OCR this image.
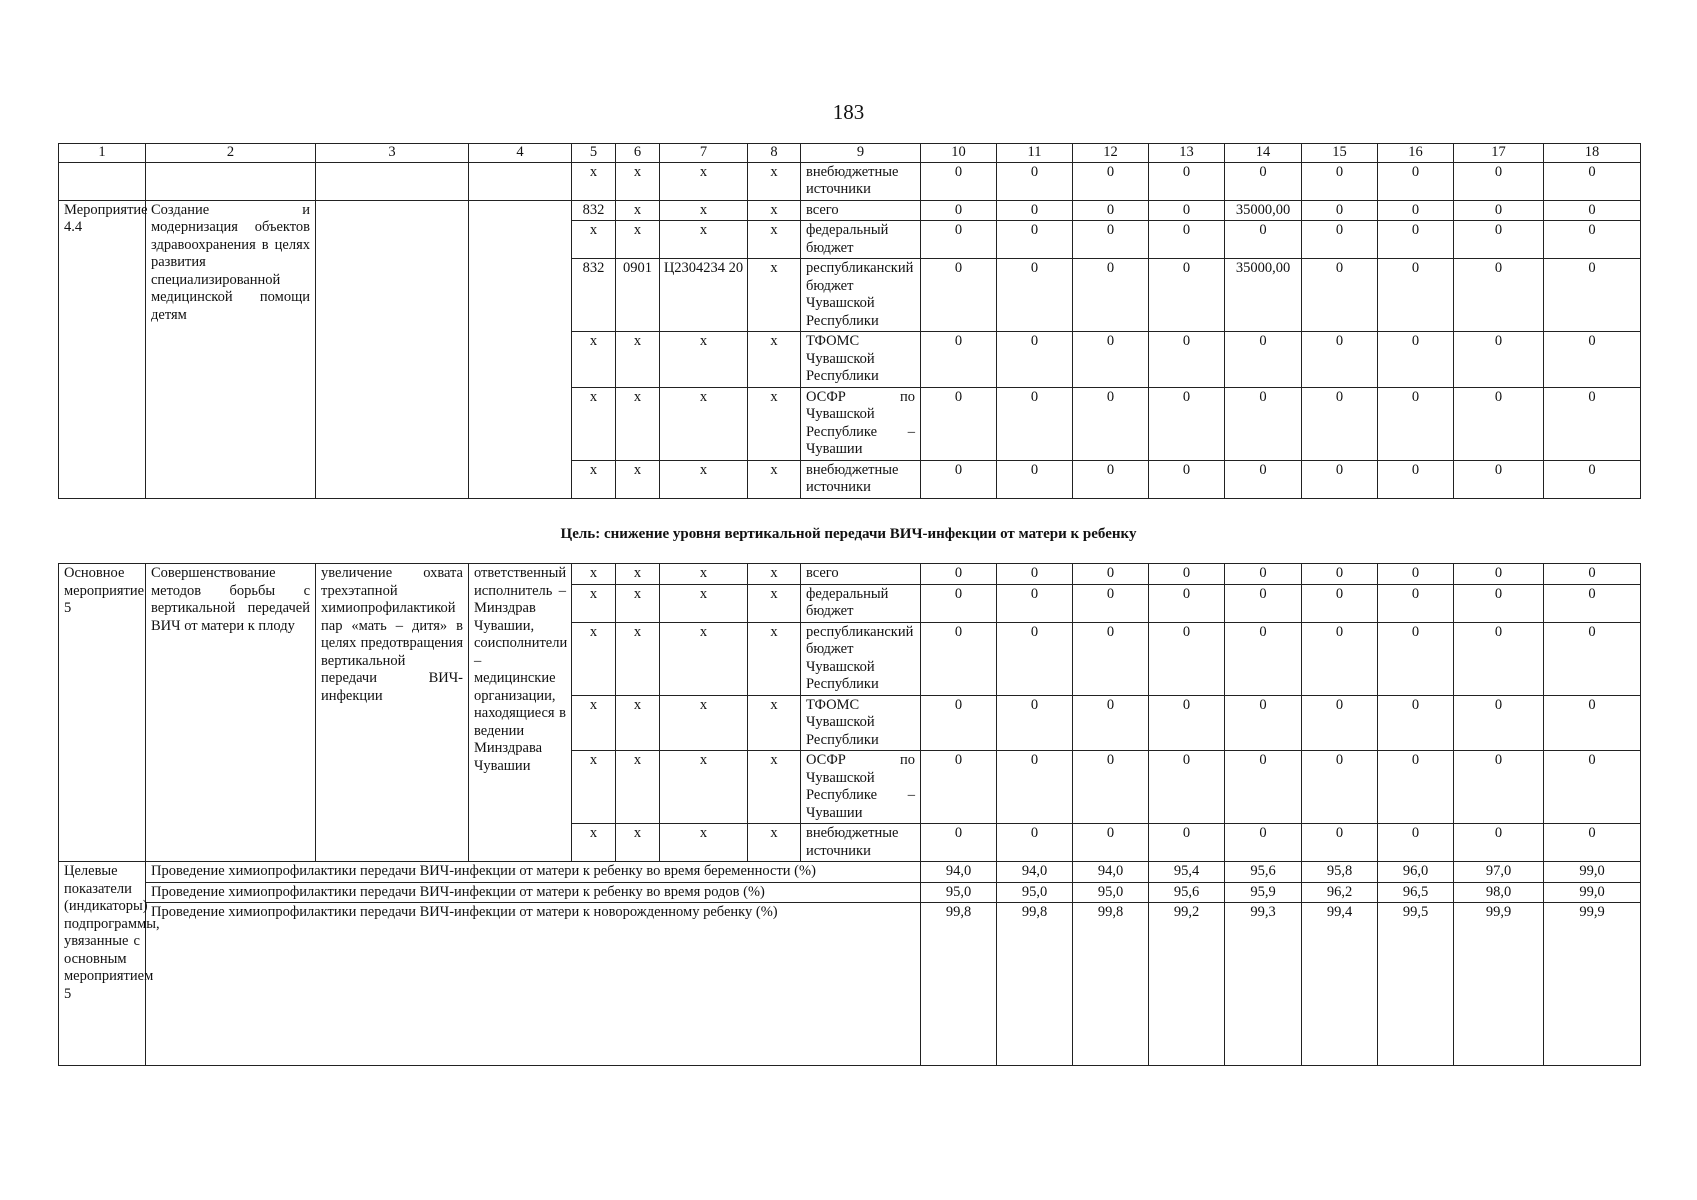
183
1	2	3	4	5	6	7	8	9	10	11	12	13	14	15	16	17	18
				х	х	х	х	внебюджетные источники	0	0	0	0	0	0	0	0	0
Мероприятие 4.4	Создание и модернизация объектов здравоохранения в целях развития специализированной медицинской помощи детям			832	х	х	х	всего	0	0	0	0	35000,00	0	0	0	0
				х	х	х	х	федеральный бюджет	0	0	0	0	0	0	0	0	0
				832	0901	Ц2304234 20	х	республиканский бюджет Чувашской Республики	0	0	0	0	35000,00	0	0	0	0
				х	х	х	х	ТФОМС Чувашской Республики	0	0	0	0	0	0	0	0	0
				х	х	х	х	ОСФР по Чувашской Республике – Чувашии	0	0	0	0	0	0	0	0	0
				х	х	х	х	внебюджетные источники	0	0	0	0	0	0	0	0	0
Цель: снижение уровня вертикальной передачи ВИЧ-инфекции от матери к ребенку
Основное мероприятие 5	Совершенствование методов борьбы с вертикальной передачей ВИЧ от матери к плоду	увеличение охвата трехэтапной химиопрофилактикой пар «мать – дитя» в целях предотвращения вертикальной передачи ВИЧ-инфекции	ответственный исполнитель – Минздрав Чувашии, соисполнители – медицинские организации, находящиеся в ведении Минздрава Чувашии	х	х	х	х	всего	0	0	0	0	0	0	0	0	0
				х	х	х	х	федеральный бюджет	0	0	0	0	0	0	0	0	0
				х	х	х	х	республиканский бюджет Чувашской Республики	0	0	0	0	0	0	0	0	0
				х	х	х	х	ТФОМС Чувашской Республики	0	0	0	0	0	0	0	0	0
				х	х	х	х	ОСФР по Чувашской Республике – Чувашии	0	0	0	0	0	0	0	0	0
				х	х	х	х	внебюджетные источники	0	0	0	0	0	0	0	0	0
Целевые показатели (индикаторы) подпрограммы, увязанные с основным мероприятием 5	Проведение химиопрофилактики передачи ВИЧ-инфекции от матери к ребенку во время беременности (%)								94,0	94,0	94,0	95,4	95,6	95,8	96,0	97,0	99,0
	Проведение химиопрофилактики передачи ВИЧ-инфекции от матери к ребенку во время родов (%)								95,0	95,0	95,0	95,6	95,9	96,2	96,5	98,0	99,0
	Проведение химиопрофилактики передачи ВИЧ-инфекции от матери к новорожденному ребенку (%)								99,8	99,8	99,8	99,2	99,3	99,4	99,5	99,9	99,9
